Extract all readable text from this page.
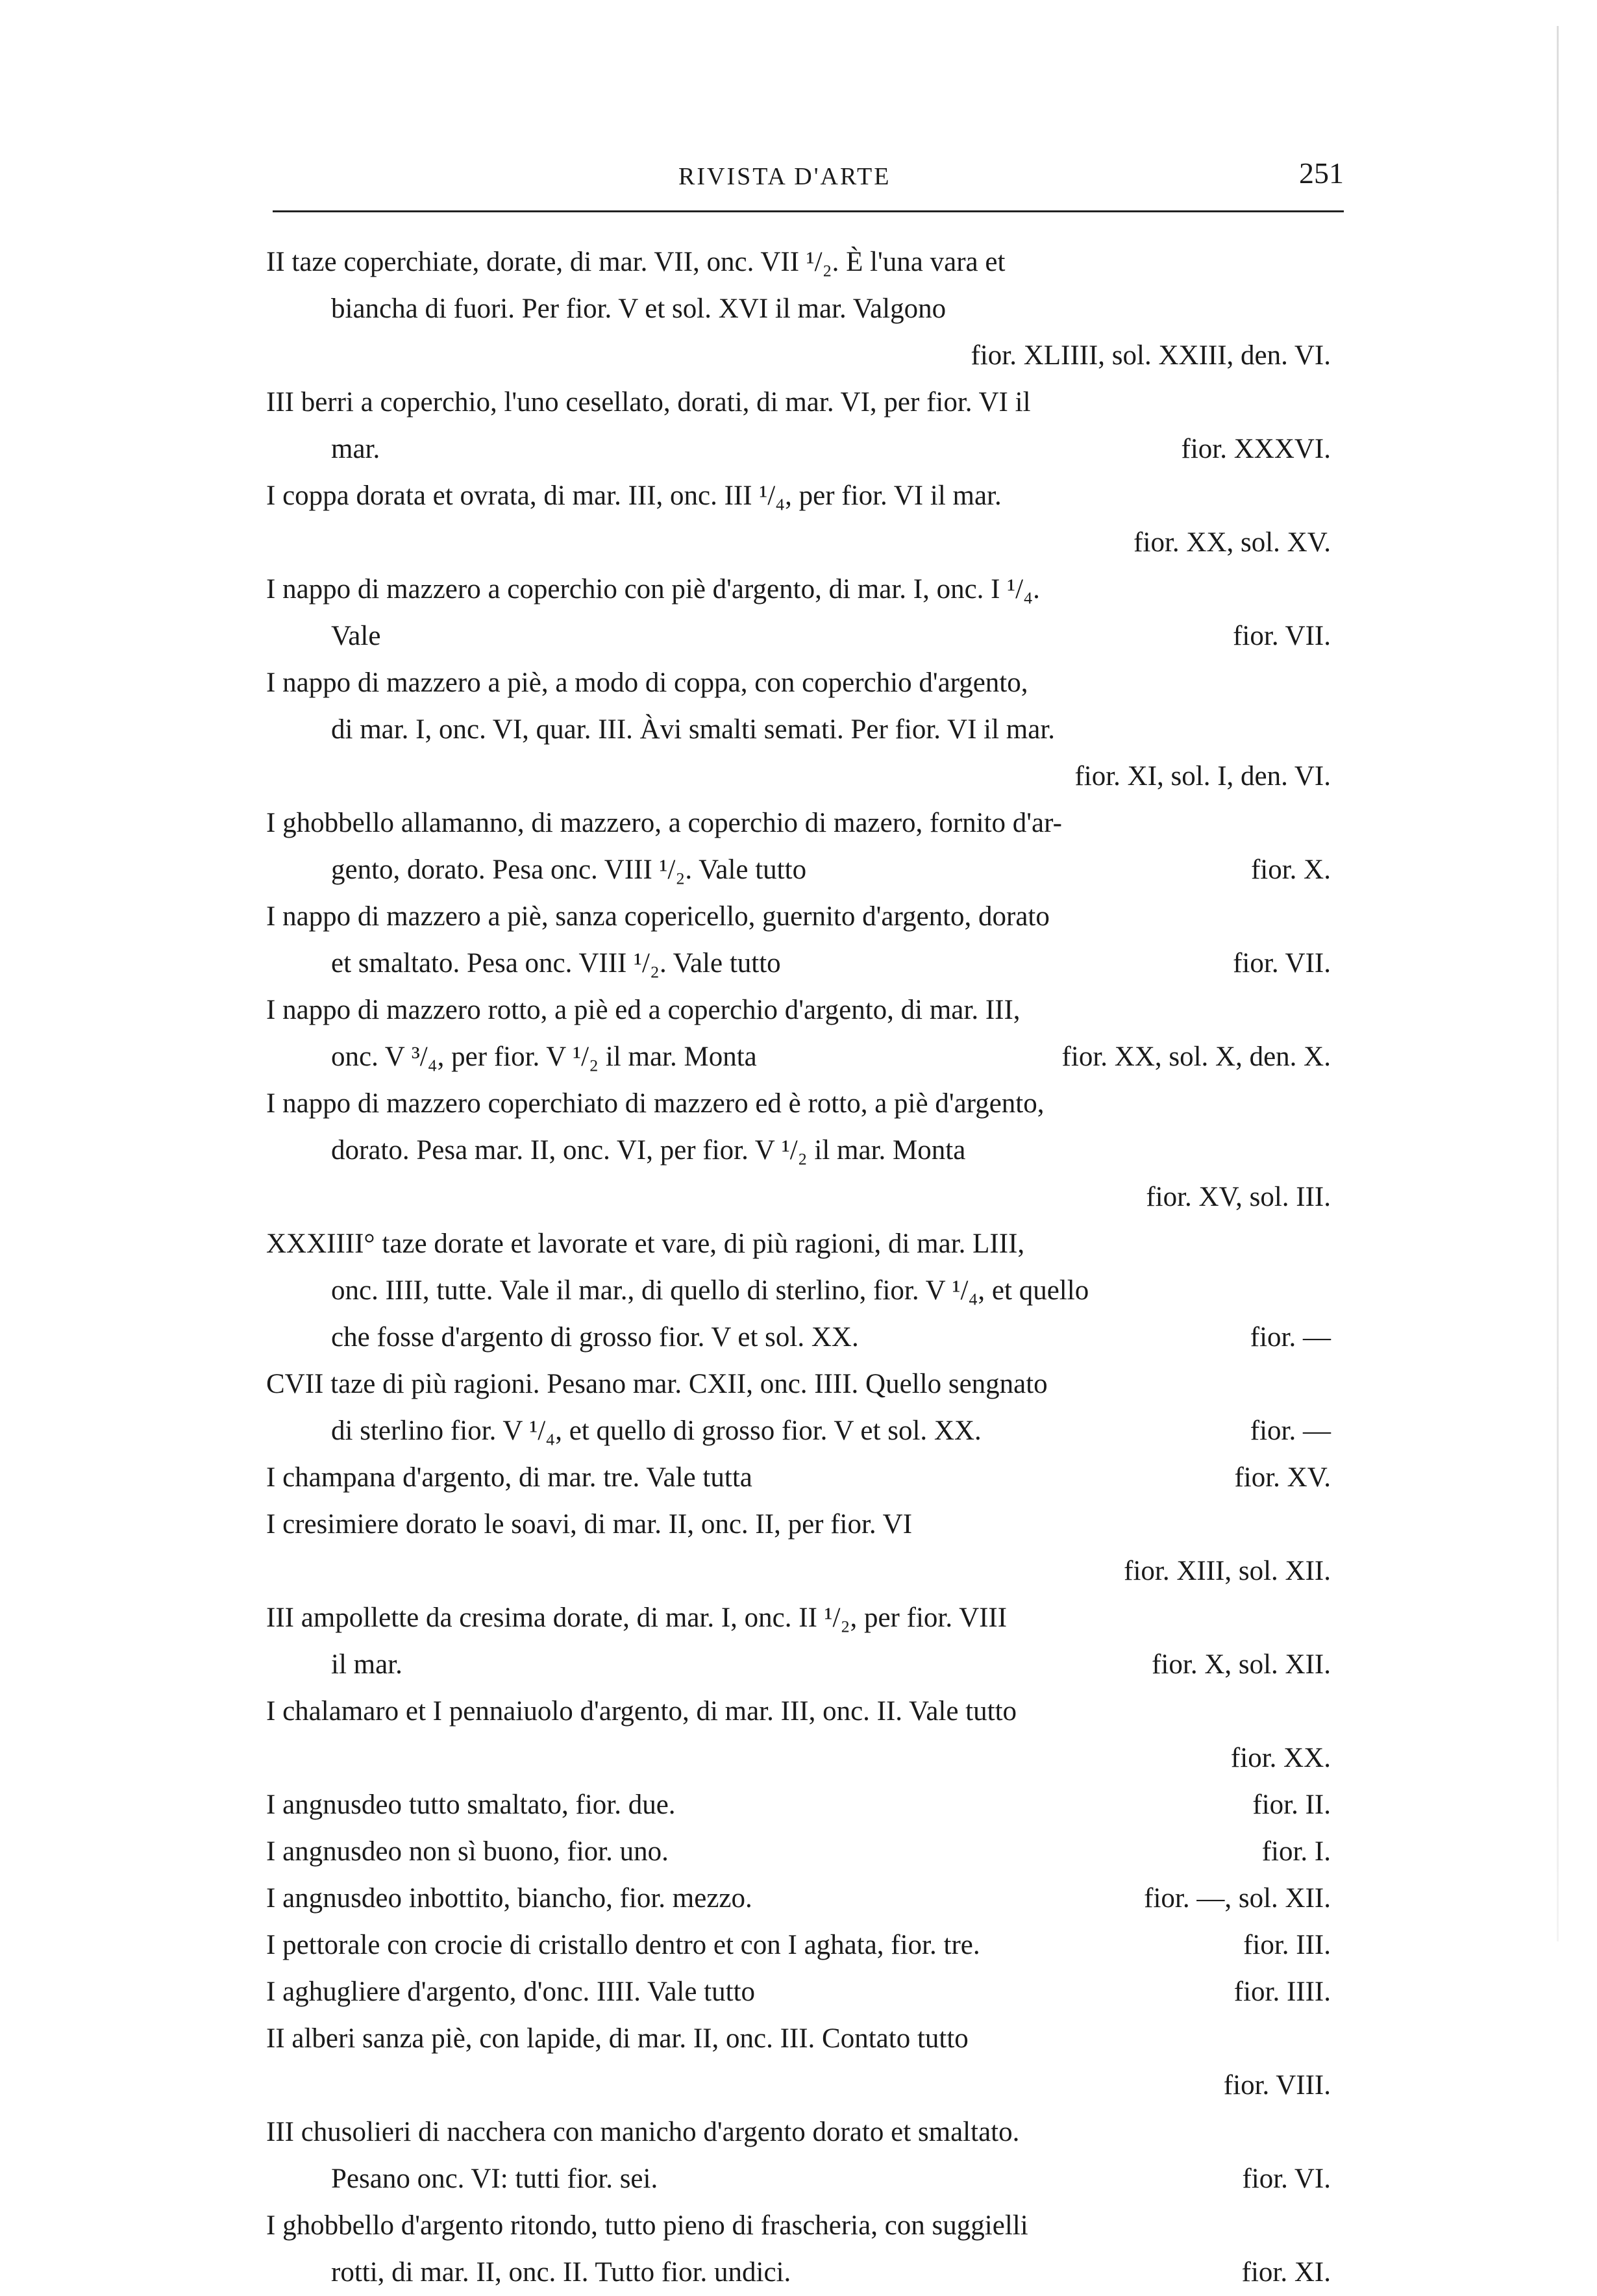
RIVISTA D'ARTE	251
II taze coperchiate, dorate, di mar. VII, onc. VII ¹/₂. È l'una vara et
biancha di fuori. Per fior. V et sol. XVI il mar. Valgono
fior. XLIIII, sol. XXIII, den. VI.
III berri a coperchio, l'uno cesellato, dorati, di mar. VI, per fior. VI il
mar.	fior. XXXVI.
I coppa dorata et ovrata, di mar. III, onc. III ¹/₄, per fior. VI il mar.
fior. XX, sol. XV.
I nappo di mazzero a coperchio con piè d'argento, di mar. I, onc. I ¹/₄.
Vale	fior. VII.
I nappo di mazzero a piè, a modo di coppa, con coperchio d'argento,
di mar. I, onc. VI, quar. III. Àvi smalti semati. Per fior. VI il mar.
fior. XI, sol. I, den. VI.
I ghobbello allamanno, di mazzero, a coperchio di mazero, fornito d'ar-
gento, dorato. Pesa onc. VIII ¹/₂. Vale tutto	fior. X.
I nappo di mazzero a piè, sanza copericello, guernito d'argento, dorato
et smaltato. Pesa onc. VIII ¹/₂. Vale tutto	fior. VII.
I nappo di mazzero rotto, a piè ed a coperchio d'argento, di mar. III,
onc. V ³/₄, per fior. V ¹/₂ il mar. Monta	fior. XX, sol. X, den. X.
I nappo di mazzero coperchiato di mazzero ed è rotto, a piè d'argento,
dorato. Pesa mar. II, onc. VI, per fior. V ¹/₂ il mar. Monta
fior. XV, sol. III.
XXXIIII° taze dorate et lavorate et vare, di più ragioni, di mar. LIII,
onc. IIII, tutte. Vale il mar., di quello di sterlino, fior. V ¹/₄, et quello
che fosse d'argento di grosso fior. V et sol. XX.	fior. —
CVII taze di più ragioni. Pesano mar. CXII, onc. IIII. Quello sengnato
di sterlino fior. V ¹/₄, et quello di grosso fior. V et sol. XX.	fior. —
I champana d'argento, di mar. tre. Vale tutta	fior. XV.
I cresimiere dorato le soavi, di mar. II, onc. II, per fior. VI
fior. XIII, sol. XII.
III ampollette da cresima dorate, di mar. I, onc. II ¹/₂, per fior. VIII
il mar.	fior. X, sol. XII.
I chalamaro et I pennaiuolo d'argento, di mar. III, onc. II. Vale tutto
fior. XX.
I angnusdeo tutto smaltato, fior. due.	fior. II.
I angnusdeo non sì buono, fior. uno.	fior. I.
I angnusdeo inbottito, biancho, fior. mezzo.	fior. —, sol. XII.
I pettorale con crocie di cristallo dentro et con I aghata, fior. tre.	fior. III.
I aghugliere d'argento, d'onc. IIII. Vale tutto	fior. IIII.
II alberi sanza piè, con lapide, di mar. II, onc. III. Contato tutto
fior. VIII.
III chusolieri di nacchera con manicho d'argento dorato et smaltato.
Pesano onc. VI: tutti fior. sei.	fior. VI.
I ghobbello d'argento ritondo, tutto pieno di frascheria, con suggielli
rotti, di mar. II, onc. II. Tutto fior. undici.	fior. XI.
